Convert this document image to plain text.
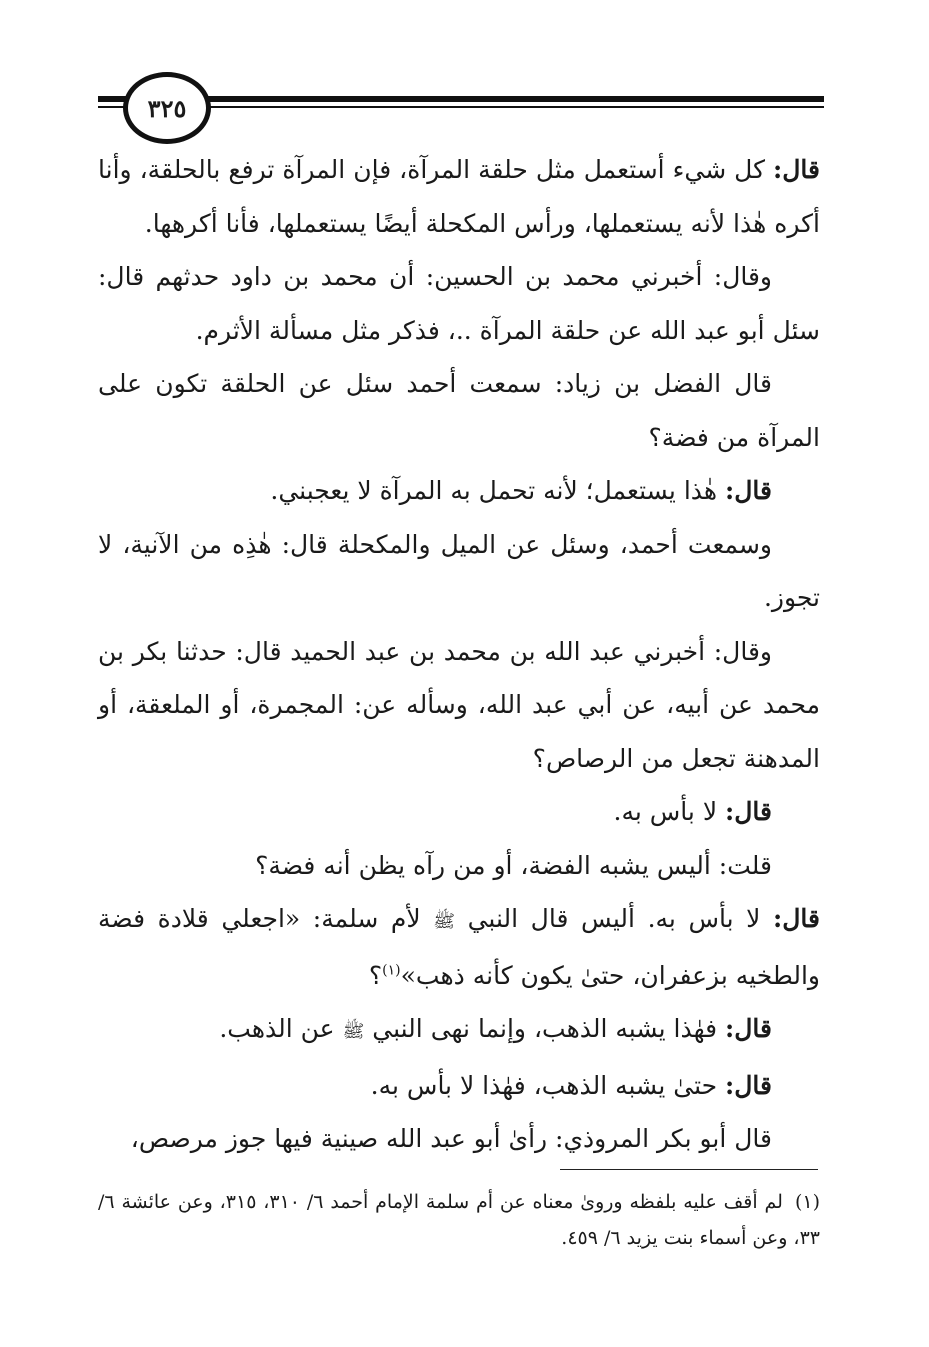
٣٢٥

قال: كل شيء أستعمل مثل حلقة المرآة، فإن المرآة ترفع بالحلقة، وأنا أكره هٰذا لأنه يستعملها، ورأس المكحلة أيضًا يستعملها، فأنا أكرهها.

وقال: أخبرني محمد بن الحسين: أن محمد بن داود حدثهم قال: سئل أبو عبد الله عن حلقة المرآة ..، فذكر مثل مسألة الأثرم.

قال الفضل بن زياد: سمعت أحمد سئل عن الحلقة تكون على المرآة من فضة؟

قال: هٰذا يستعمل؛ لأنه تحمل به المرآة لا يعجبني.

وسمعت أحمد، وسئل عن الميل والمكحلة قال: هٰذِه من الآنية، لا تجوز.

وقال: أخبرني عبد الله بن محمد بن عبد الحميد قال: حدثنا بكر بن محمد عن أبيه، عن أبي عبد الله، وسأله عن: المجمرة، أو الملعقة، أو المدهنة تجعل من الرصاص؟

قال: لا بأس به.

قلت: أليس يشبه الفضة، أو من رآه يظن أنه فضة؟

قال: لا بأس به. أليس قال النبي ﷺ لأم سلمة: «اجعلي قلادة فضة والطخيه بزعفران، حتىٰ يكون كأنه ذهب»$^{(١)}$؟

قال: فهٰذا يشبه الذهب، وإنما نهى النبي ﷺ عن الذهب.

قال: حتىٰ يشبه الذهب، فهٰذا لا بأس به.

قال أبو بكر المروذي: رأىٰ أبو عبد الله صينية فيها جوز مرصص،

(١)لم أقف عليه بلفظه وروىٰ معناه عن أم سلمة الإمام أحمد ٦/ ٣١٠، ٣١٥، وعن عائشة ٦/ ٣٣، وعن أسماء بنت يزيد ٦/ ٤٥٩.
